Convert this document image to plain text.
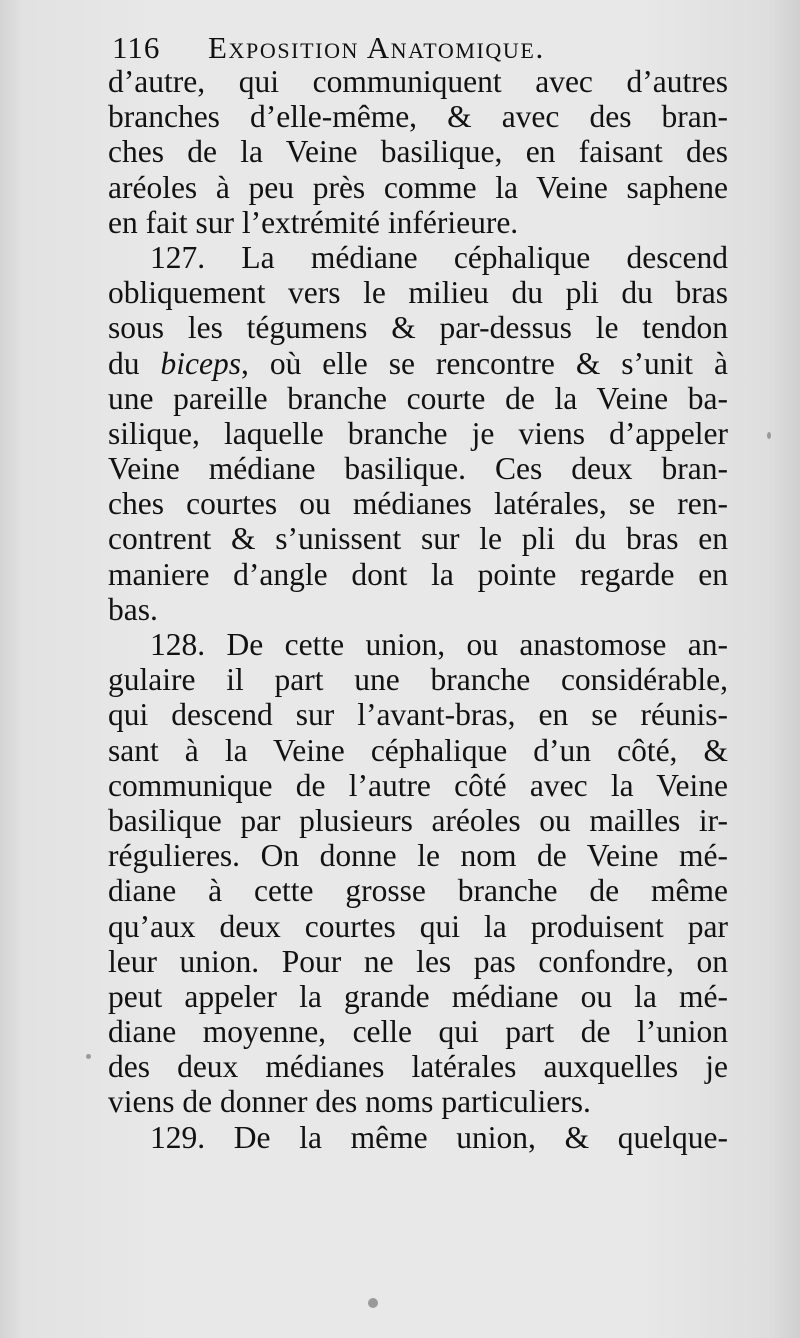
116 Exposition Anatomique.
d’autre, qui communiquent avec d’autres
branches d’elle-même, & avec des bran-
ches de la Veine basilique, en faisant des
aréoles à peu près comme la Veine saphene
en fait sur l’extrémité inférieure.
127. La médiane céphalique descend
obliquement vers le milieu du pli du bras
sous les tégumens & par-dessus le tendon
du biceps, où elle se rencontre & s’unit à
une pareille branche courte de la Veine ba-
silique, laquelle branche je viens d’appeler
Veine médiane basilique. Ces deux bran-
ches courtes ou médianes latérales, se ren-
contrent & s’unissent sur le pli du bras en
maniere d’angle dont la pointe regarde en
bas.
128. De cette union, ou anastomose an-
gulaire il part une branche considérable,
qui descend sur l’avant-bras, en se réunis-
sant à la Veine céphalique d’un côté, &
communique de l’autre côté avec la Veine
basilique par plusieurs aréoles ou mailles ir-
régulieres. On donne le nom de Veine mé-
diane à cette grosse branche de même
qu’aux deux courtes qui la produisent par
leur union. Pour ne les pas confondre, on
peut appeler la grande médiane ou la mé-
diane moyenne, celle qui part de l’union
des deux médianes latérales auxquelles je
viens de donner des noms particuliers.
129. De la même union, & quelque-
